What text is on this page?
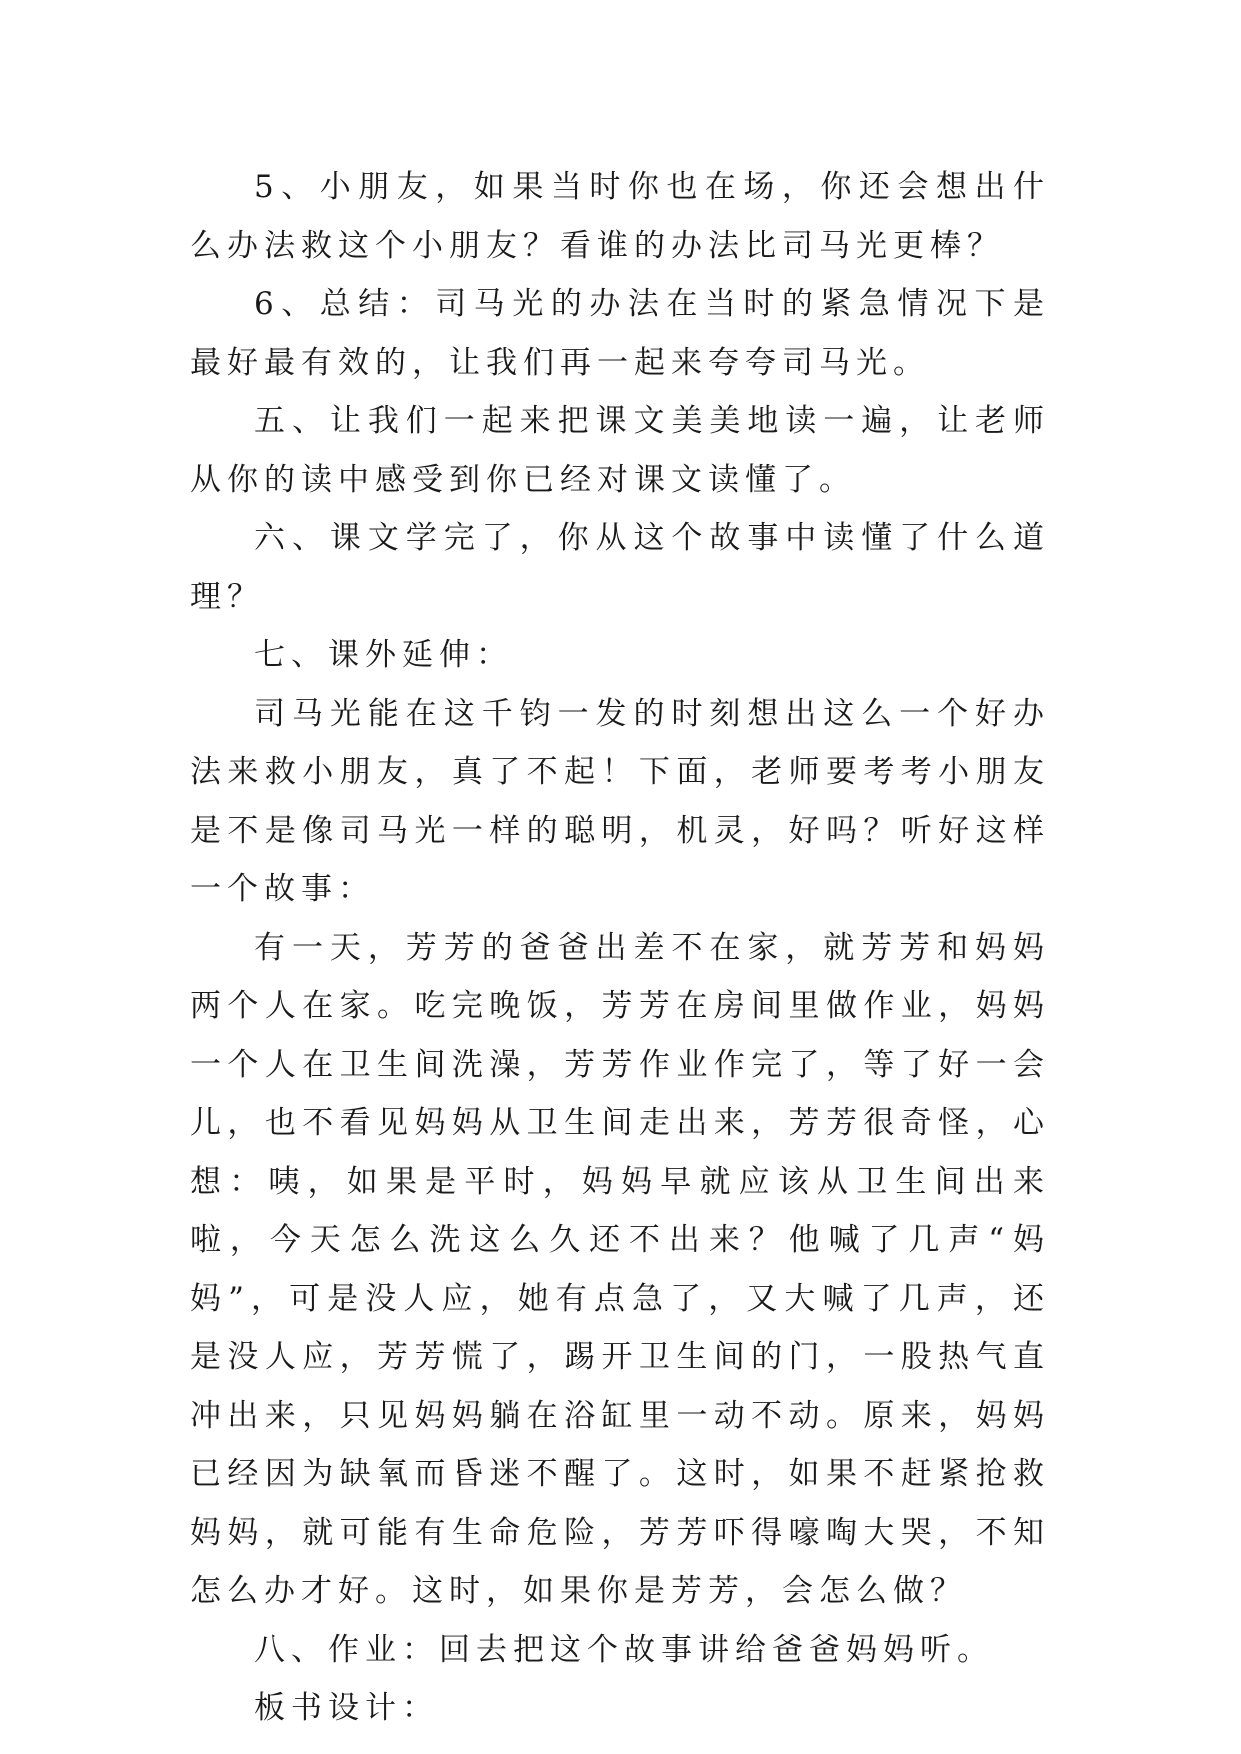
5、小朋友，如果当时你也在场，你还会想出什么办法救这个小朋友？看谁的办法比司马光更棒？

6、总结：司马光的办法在当时的紧急情况下是最好最有效的，让我们再一起来夸夸司马光。

五、让我们一起来把课文美美地读一遍，让老师从你的读中感受到你已经对课文读懂了。

六、课文学完了，你从这个故事中读懂了什么道理？

七、课外延伸：

司马光能在这千钧一发的时刻想出这么一个好办法来救小朋友，真了不起！下面，老师要考考小朋友是不是像司马光一样的聪明，机灵，好吗？听好这样一个故事：

有一天，芳芳的爸爸出差不在家，就芳芳和妈妈两个人在家。吃完晚饭，芳芳在房间里做作业，妈妈一个人在卫生间洗澡，芳芳作业作完了，等了好一会儿，也不看见妈妈从卫生间走出来，芳芳很奇怪，心想：咦，如果是平时，妈妈早就应该从卫生间出来啦，今天怎么洗这么久还不出来？他喊了几声“妈妈”，可是没人应，她有点急了，又大喊了几声，还是没人应，芳芳慌了，踢开卫生间的门，一股热气直冲出来，只见妈妈躺在浴缸里一动不动。原来，妈妈已经因为缺氧而昏迷不醒了。这时，如果不赶紧抢救妈妈，就可能有生命危险，芳芳吓得嚎啕大哭，不知怎么办才好。这时，如果你是芳芳，会怎么做？

八、作业：回去把这个故事讲给爸爸妈妈听。

板书设计：
